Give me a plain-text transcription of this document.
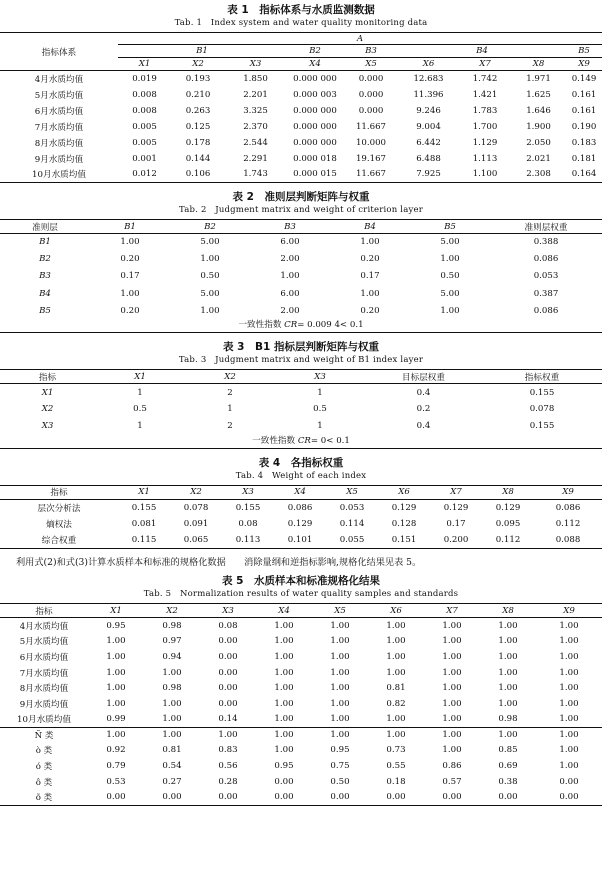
表 1　指标体系与水质监测数据
Tab. 1　Index system and water quality monitoring data
指标体系	A								
	B1			B2	B3	B4			B5
	X1	X2	X3	X4	X5	X6	X7	X8	X9
4月水质均值	0.019	0.193	1.850	0.000 000	0.000	12.683	1.742	1.971	0.149
5月水质均值	0.008	0.210	2.201	0.000 003	0.000	11.396	1.421	1.625	0.161
6月水质均值	0.008	0.263	3.325	0.000 000	0.000	9.246	1.783	1.646	0.161
7月水质均值	0.005	0.125	2.370	0.000 000	11.667	9.004	1.700	1.900	0.190
8月水质均值	0.005	0.178	2.544	0.000 000	10.000	6.442	1.129	2.050	0.183
9月水质均值	0.001	0.144	2.291	0.000 018	19.167	6.488	1.113	2.021	0.181
10月水质均值	0.012	0.106	1.743	0.000 015	11.667	7.925	1.100	2.308	0.164
表 2　准则层判断矩阵与权重
Tab. 2　Judgment matrix and weight of criterion layer
准则层	B1	B2	B3	B4	B5	准则层权重
B1	1.00	5.00	6.00	1.00	5.00	0.388
B2	0.20	1.00	2.00	0.20	1.00	0.086
B3	0.17	0.50	1.00	0.17	0.50	0.053
B4	1.00	5.00	6.00	1.00	5.00	0.387
B5	0.20	1.00	2.00	0.20	1.00	0.086
一致性指数 CR= 0.009 4< 0.1
表 3　B1 指标层判断矩阵与权重
Tab. 3　Judgment matrix and weight of B1 index layer
指标	X1	X2	X3	目标层权重	指标权重
X1	1	2	1	0.4	0.155
X2	0.5	1	0.5	0.2	0.078
X3	1	2	1	0.4	0.155
一致性指数 CR= 0< 0.1
表 4　各指标权重
Tab. 4　Weight of each index
指标	X1	X2	X3	X4	X5	X6	X7	X8	X9
层次分析法	0.155	0.078	0.155	0.086	0.053	0.129	0.129	0.129	0.086
熵权法	0.081	0.091	0.08	0.129	0.114	0.128	0.17	0.095	0.112
综合权重	0.115	0.065	0.113	0.101	0.055	0.151	0.200	0.112	0.088
利用式(2)和式(3)计算水质样本和标准的规格化数据　　消除量纲和逆指标影响,规格化结果见表 5。
表 5　水质样本和标准规格化结果
Tab. 5　Normalization results of water quality samples and standards
指标	X1	X2	X3	X4	X5	X6	X7	X8	X9
4月水质均值	0.95	0.98	0.08	1.00	1.00	1.00	1.00	1.00	1.00
5月水质均值	1.00	0.97	0.00	1.00	1.00	1.00	1.00	1.00	1.00
6月水质均值	1.00	0.94	0.00	1.00	1.00	1.00	1.00	1.00	1.00
7月水质均值	1.00	1.00	0.00	1.00	1.00	1.00	1.00	1.00	1.00
8月水质均值	1.00	0.98	0.00	1.00	1.00	0.81	1.00	1.00	1.00
9月水质均值	1.00	1.00	0.00	1.00	1.00	0.82	1.00	1.00	1.00
10月水质均值	0.99	1.00	0.14	1.00	1.00	1.00	1.00	0.98	1.00
Ñ 类	1.00	1.00	1.00	1.00	1.00	1.00	1.00	1.00	1.00
ò 类	0.92	0.81	0.83	1.00	0.95	0.73	1.00	0.85	1.00
ó 类	0.79	0.54	0.56	0.95	0.75	0.55	0.86	0.69	1.00
ô 类	0.53	0.27	0.28	0.00	0.50	0.18	0.57	0.38	0.00
õ 类	0.00	0.00	0.00	0.00	0.00	0.00	0.00	0.00	0.00
